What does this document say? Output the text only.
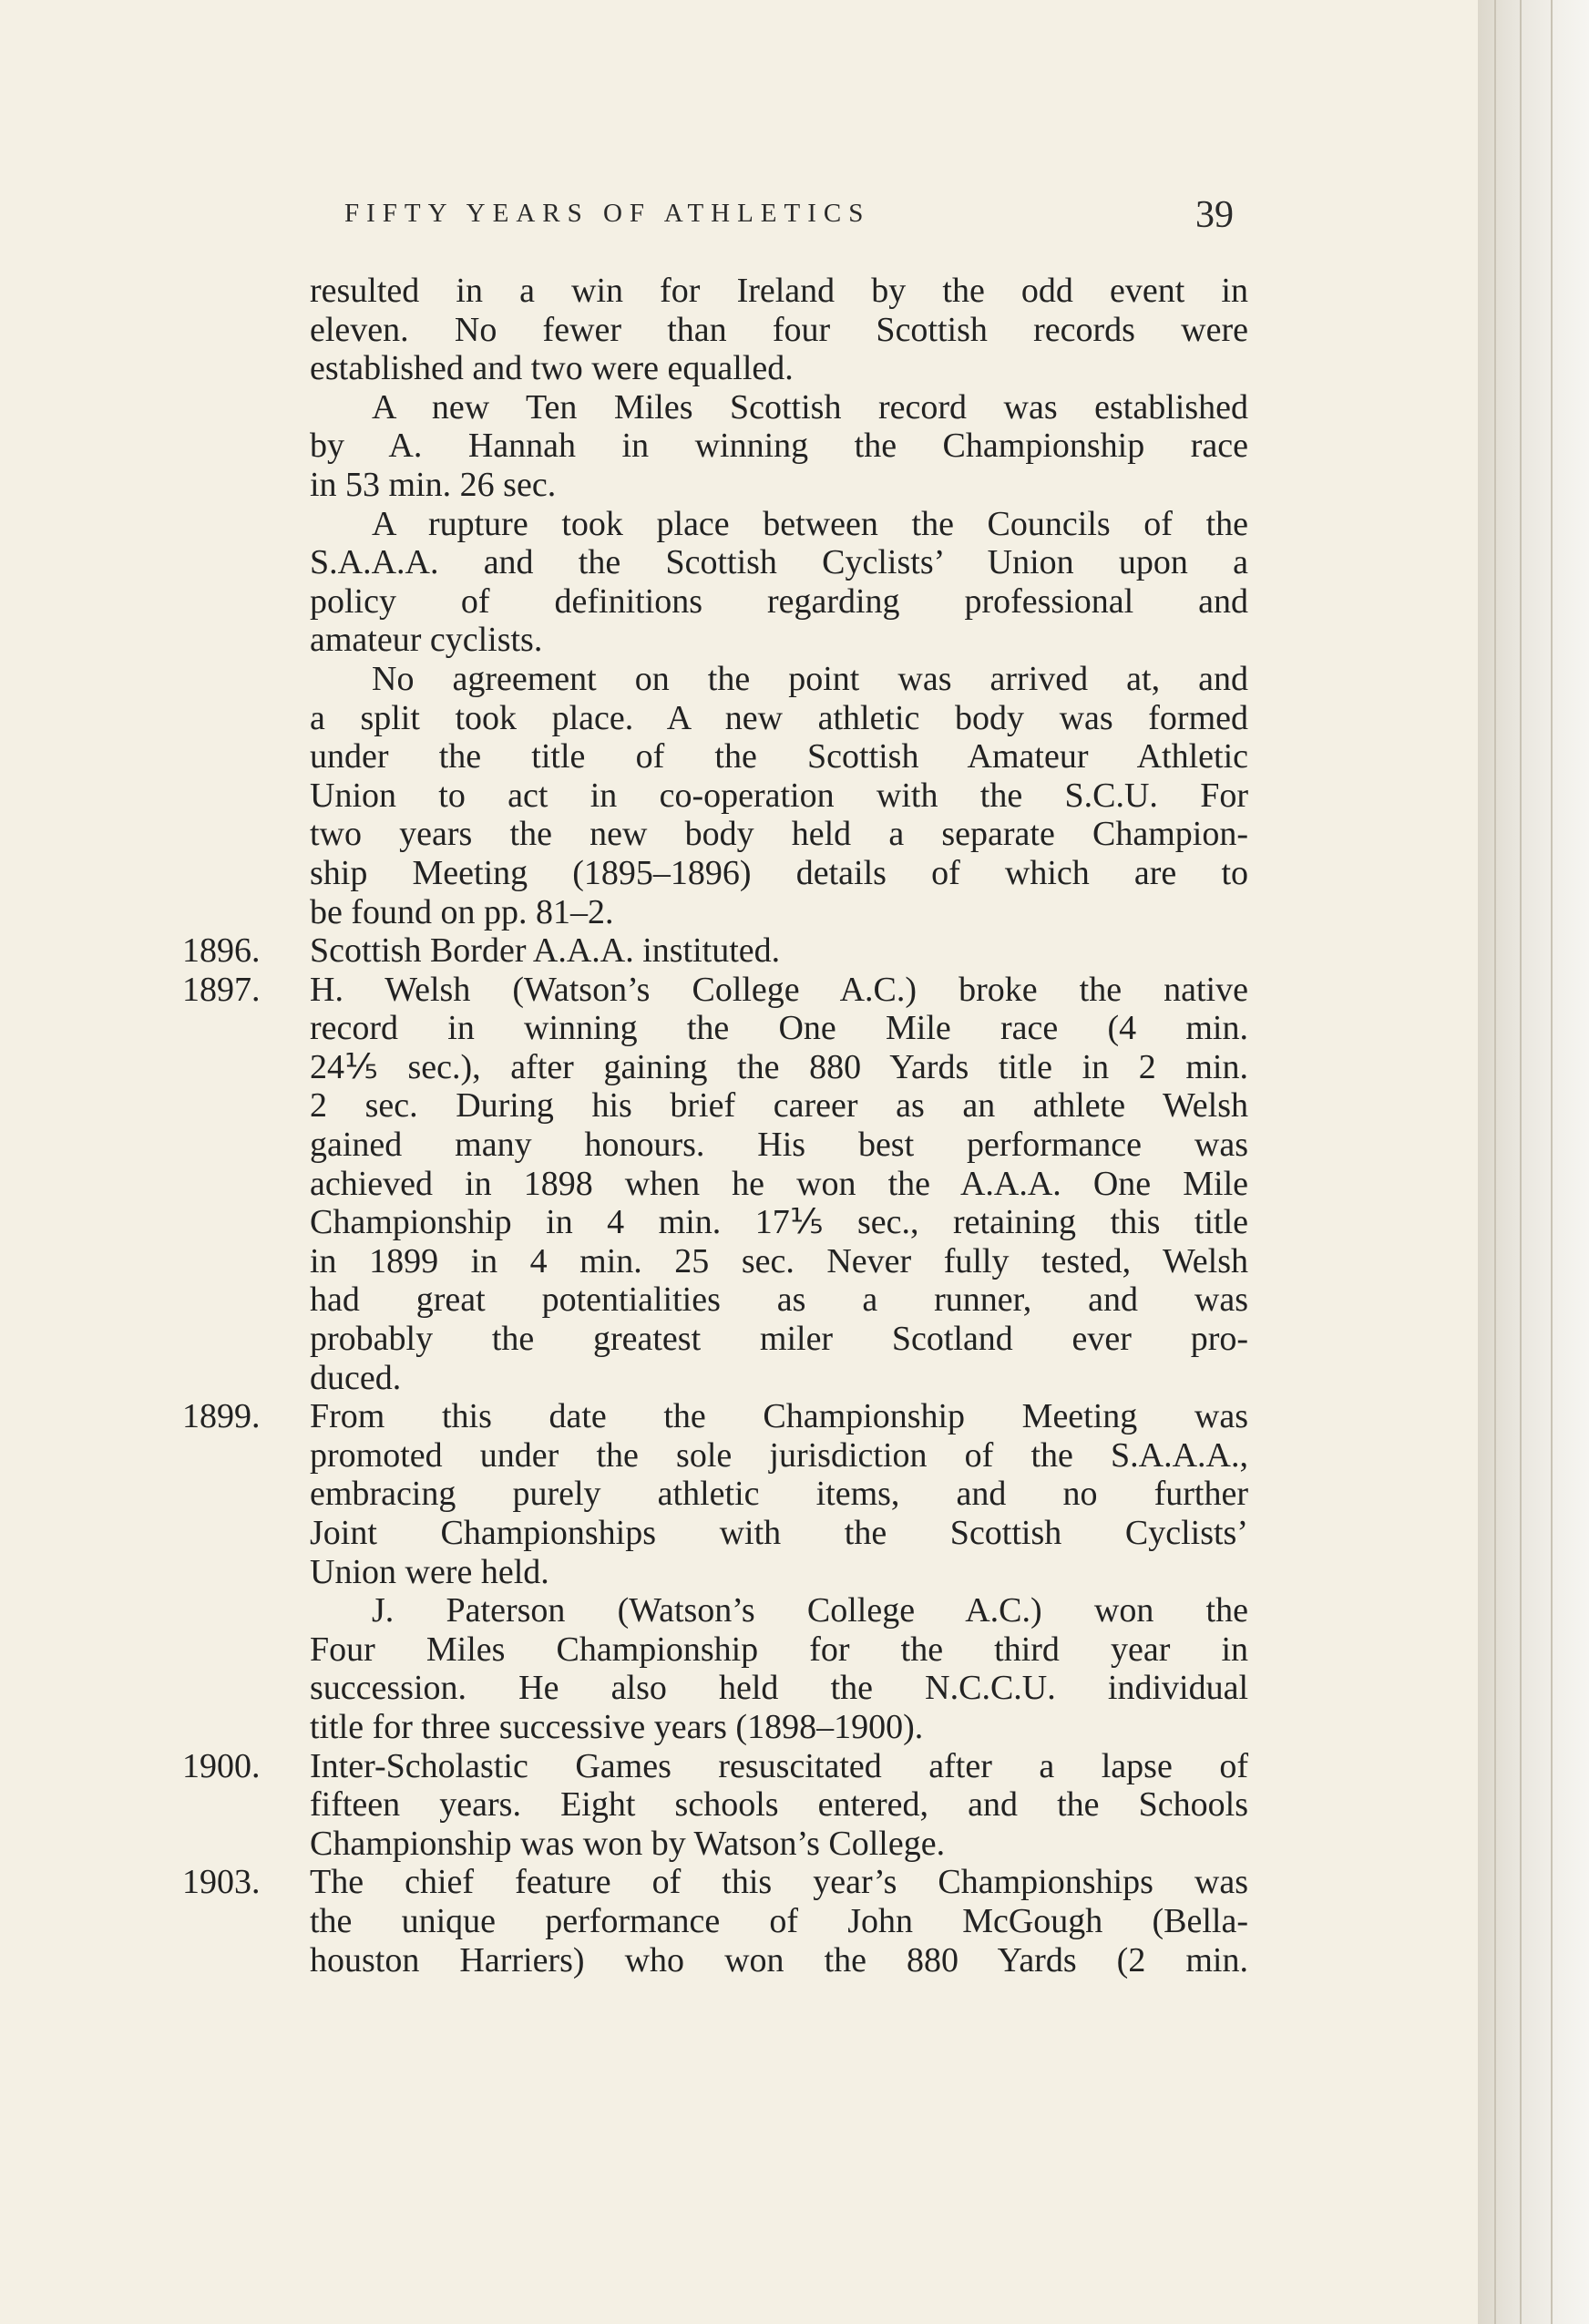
FIFTY YEARS OF ATHLETICS	39
resulted in a win for Ireland by the odd event in
eleven. No fewer than four Scottish records were
established and two were equalled.
A new Ten Miles Scottish record was established
by A. Hannah in winning the Championship race
in 53 min. 26 sec.
A rupture took place between the Councils of the
S.A.A.A. and the Scottish Cyclists’ Union upon a
policy of definitions regarding professional and
amateur cyclists.
No agreement on the point was arrived at, and
a split took place. A new athletic body was formed
under the title of the Scottish Amateur Athletic
Union to act in co-operation with the S.C.U. For
two years the new body held a separate Champion-
ship Meeting (1895–1896) details of which are to
be found on pp. 81–2.
1896. Scottish Border A.A.A. instituted.
1897. H. Welsh (Watson’s College A.C.) broke the native
record in winning the One Mile race (4 min.
24⅕ sec.), after gaining the 880 Yards title in 2 min.
2 sec. During his brief career as an athlete Welsh
gained many honours. His best performance was
achieved in 1898 when he won the A.A.A. One Mile
Championship in 4 min. 17⅕ sec., retaining this title
in 1899 in 4 min. 25 sec. Never fully tested, Welsh
had great potentialities as a runner, and was
probably the greatest miler Scotland ever pro-
duced.
1899. From this date the Championship Meeting was
promoted under the sole jurisdiction of the S.A.A.A.,
embracing purely athletic items, and no further
Joint Championships with the Scottish Cyclists’
Union were held.
J. Paterson (Watson’s College A.C.) won the
Four Miles Championship for the third year in
succession. He also held the N.C.C.U. individual
title for three successive years (1898–1900).
1900. Inter-Scholastic Games resuscitated after a lapse of
fifteen years. Eight schools entered, and the Schools
Championship was won by Watson’s College.
1903. The chief feature of this year’s Championships was
the unique performance of John McGough (Bella-
houston Harriers) who won the 880 Yards (2 min.
